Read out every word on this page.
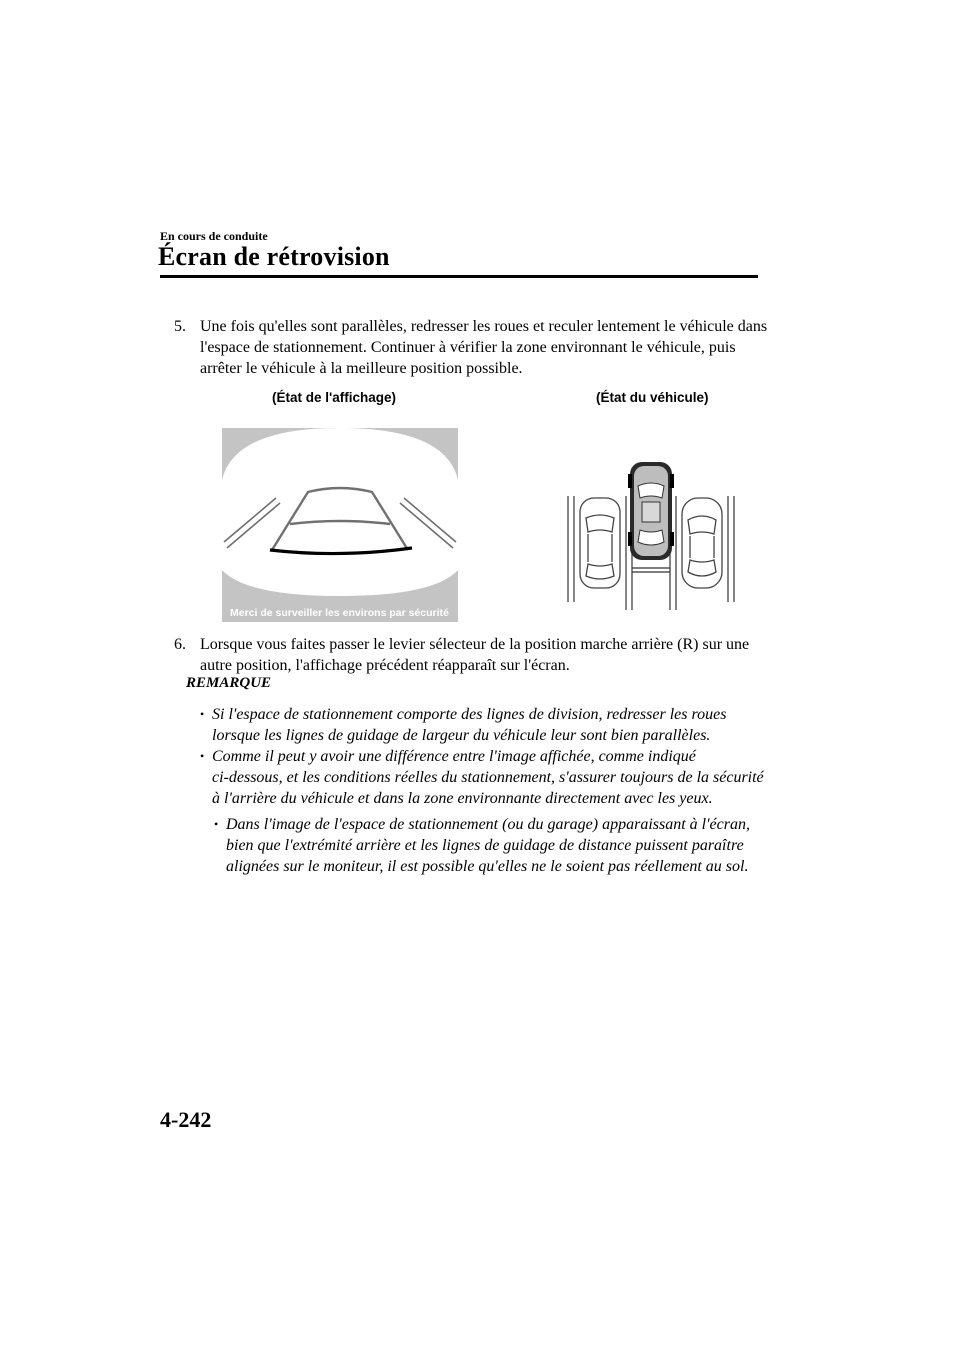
En cours de conduite
Écran de rétrovision
5. Une fois qu'elles sont parallèles, redresser les roues et reculer lentement le véhicule dans
l'espace de stationnement. Continuer à vérifier la zone environnant le véhicule, puis
arrêter le véhicule à la meilleure position possible.
(État de l'affichage)	(État du véhicule)
Merci de surveiller les environs par sécurité
6. Lorsque vous faites passer le levier sélecteur de la position marche arrière (R) sur une
autre position, l'affichage précédent réapparaît sur l'écran.
REMARQUE
• Si l'espace de stationnement comporte des lignes de division, redresser les roues
lorsque les lignes de guidage de largeur du véhicule leur sont bien parallèles.
• Comme il peut y avoir une différence entre l'image affichée, comme indiqué
ci-dessous, et les conditions réelles du stationnement, s'assurer toujours de la sécurité
à l'arrière du véhicule et dans la zone environnante directement avec les yeux.
• Dans l'image de l'espace de stationnement (ou du garage) apparaissant à l'écran,
bien que l'extrémité arrière et les lignes de guidage de distance puissent paraître
alignées sur le moniteur, il est possible qu'elles ne le soient pas réellement au sol.
4-242
